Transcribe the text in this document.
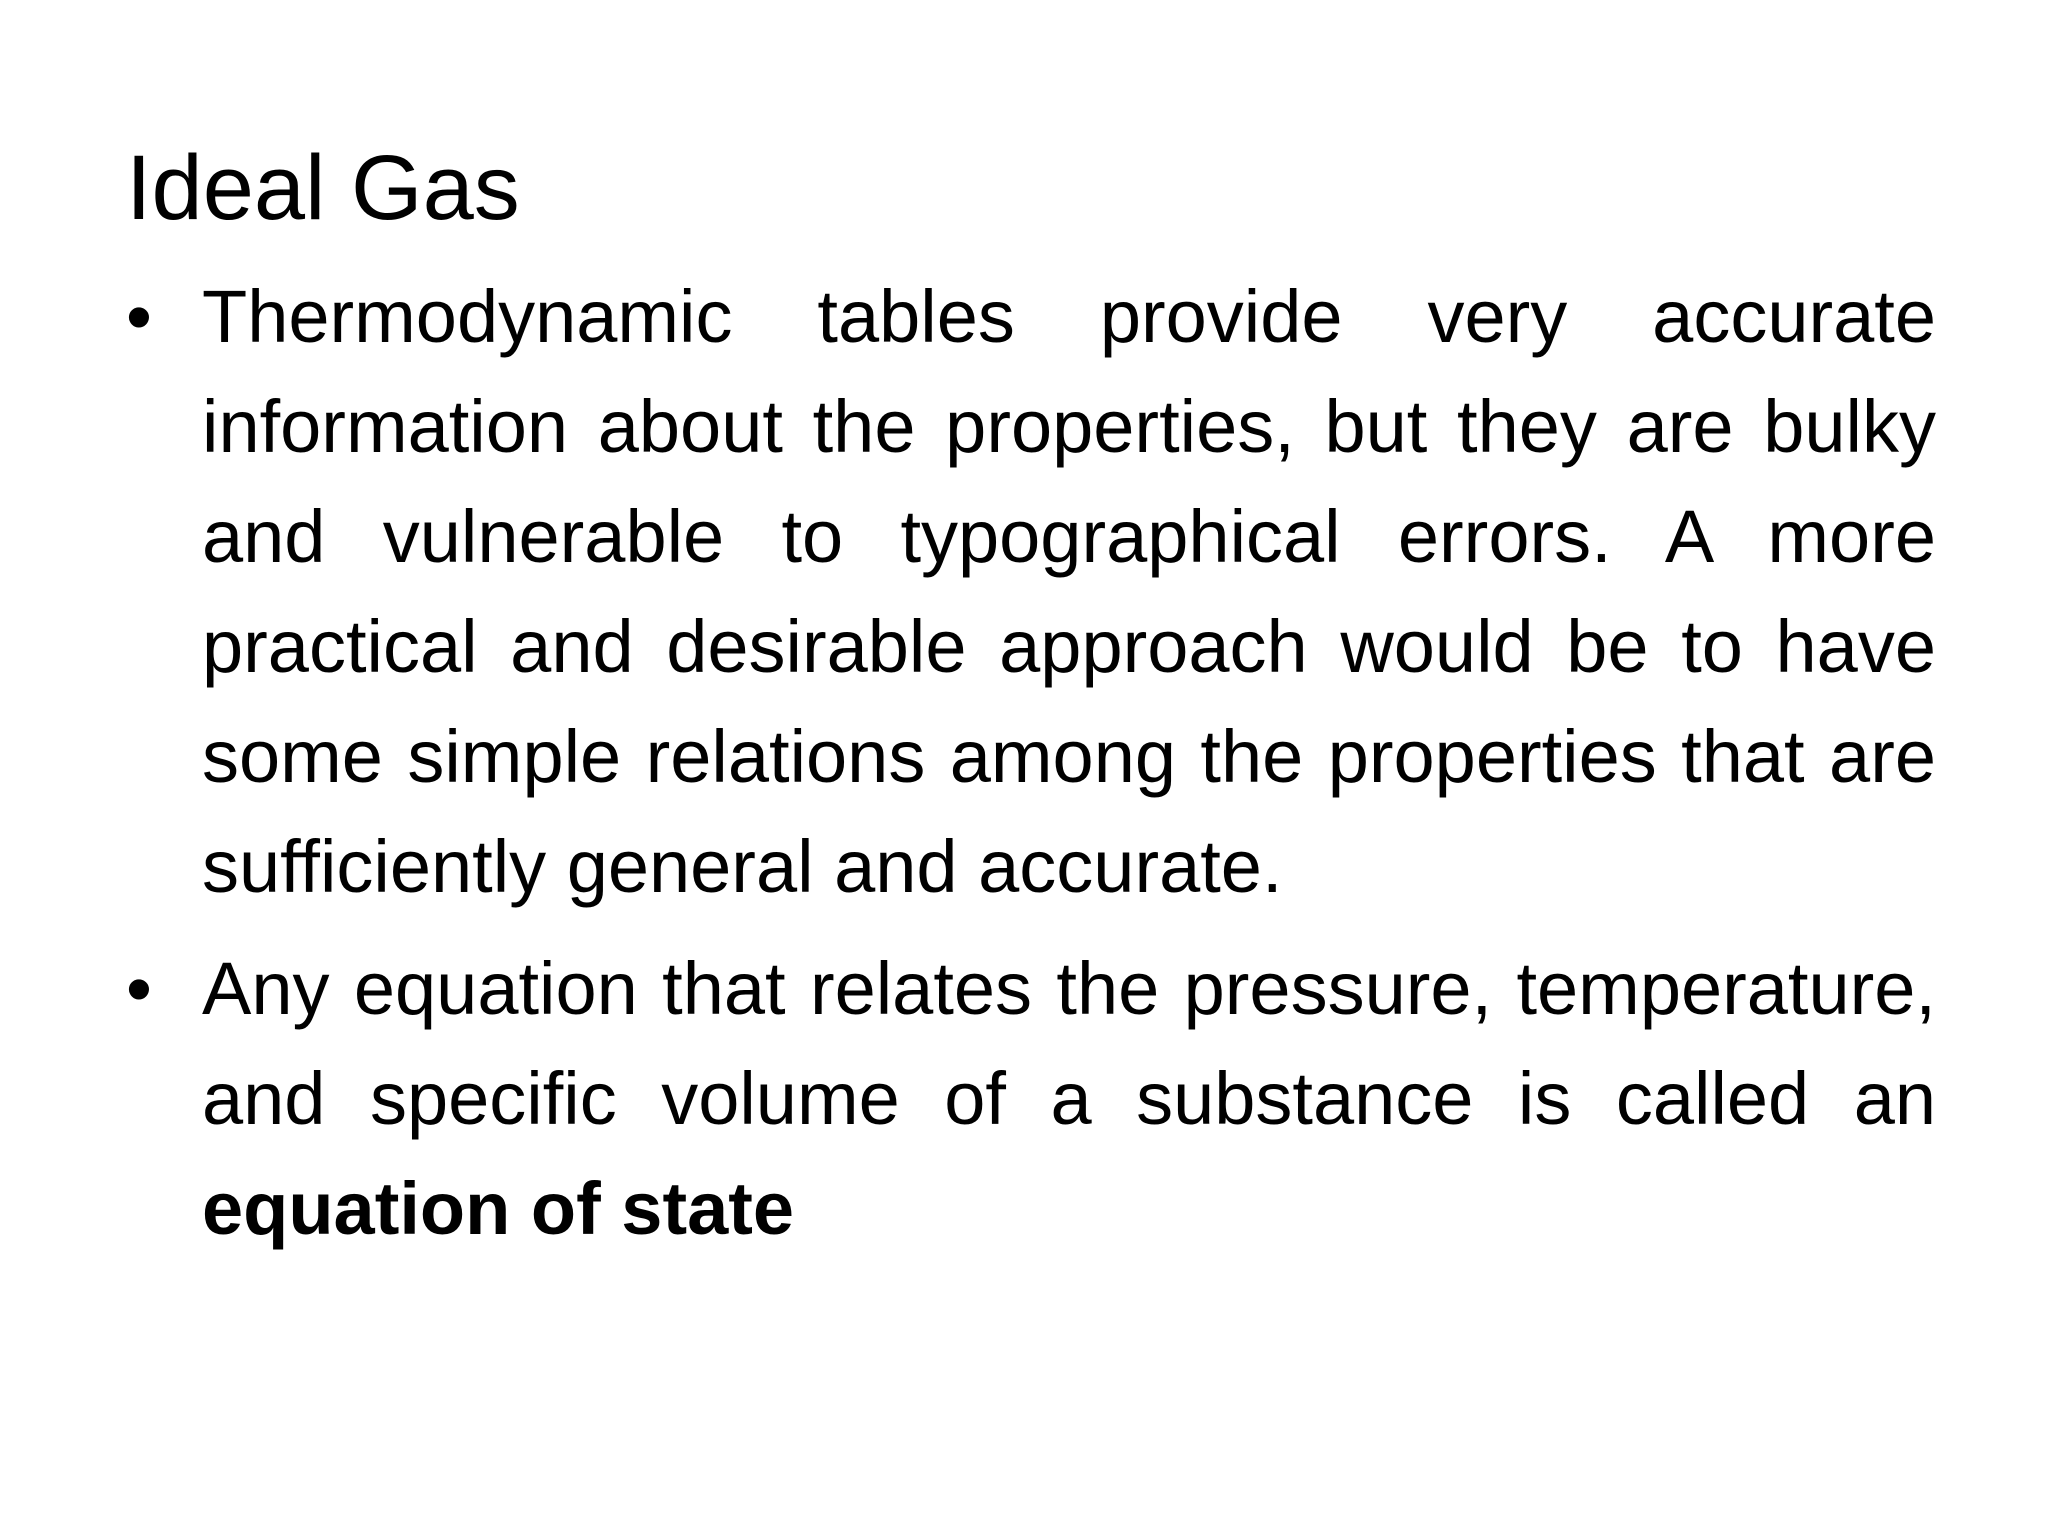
Ideal Gas
• Thermodynamic tables provide very accurate information about the properties, but they are bulky and vulnerable to typographical errors. A more practical and desirable approach would be to have some simple relations among the properties that are sufficiently general and accurate.
• Any equation that relates the pressure, temperature, and specific volume of a substance is called an equation of state
